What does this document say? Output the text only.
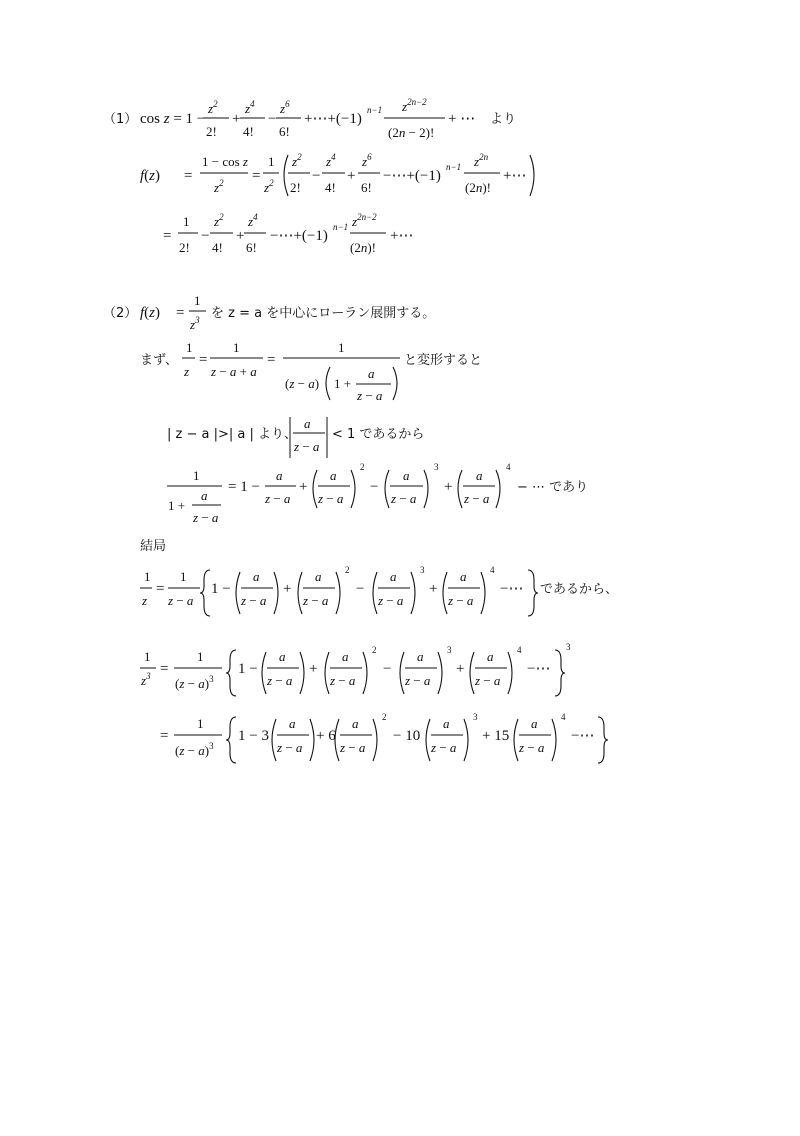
（1） cos z = 1 −
$z^2$
2!
+
$z^4$
4!
−
$z^6$
6!
+⋯+(−1)
n−1 $z^{2n-2}$
(2n − 2)!
+ ⋯ より
f(z) =
1 − cos z
$z^2$ =
1
$z^2$
$z^2$
2!
−
$z^4$
4!
+
$z^6$
6!
−⋯+(−1)
n−1 $z^{2n}$
(2n)!
+⋯
=
1
2!
−
$z^2$
4!
+
$z^4$
6!
−⋯+(−1)
n−1 $z^{2n-2}$
(2n)!
+⋯
（2） f(z) =
1
$z^3$ を z = a を中心にローラン展開する。
まず、
1
z
=
1
z − a + a
=
1
(z − a) 1 +
a
z − a
と変形すると
| z − a |>| a | より、
a
z − a
< 1 であるから
1
1 +
a
z − a
= 1 −
a
z − a
+
a
z − a
2
−
a
z − a
3
+
a
z − a
4
− ⋯ であり
結局
1
z
=
1
z − a
1 −
a
z − a
+
a
z − a
2
−
a
z − a
3
+
a
z − a
4
−⋯ であるから、
1
$z^3$ =
1
$(z - a)^3$
1 −
a
z − a
+
a
z − a
2
−
a
z − a
3
+
a
z − a
4
−⋯
3
=
1
$(z - a)^3$
1 − 3
a
z − a
+ 6
a
z − a
2
− 10
a
z − a
3
+ 15
a
z − a
4
−⋯
